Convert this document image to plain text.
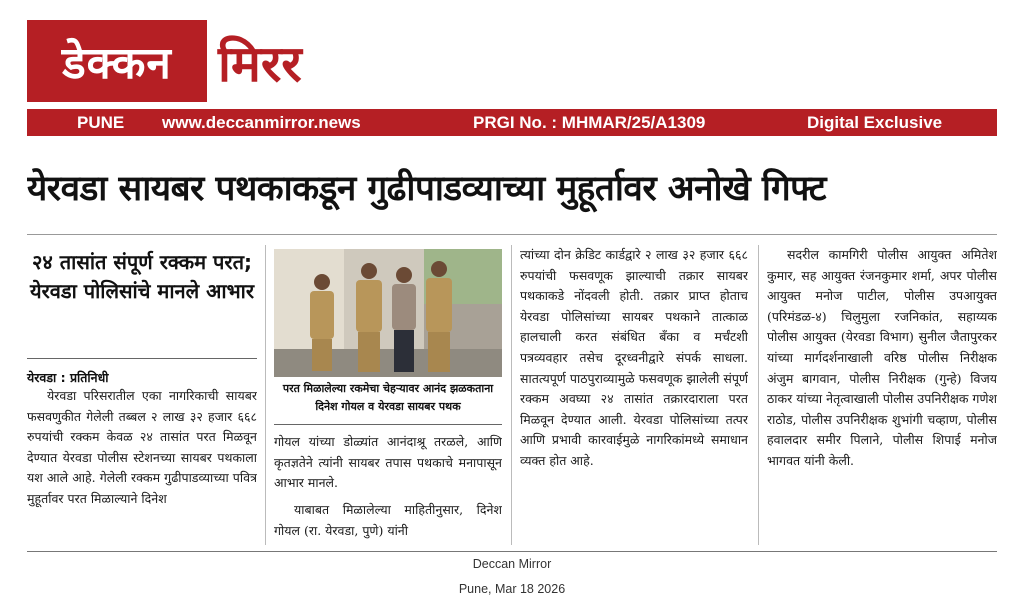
डेक्कन मिरर
PUNE www.deccanmirror.news	PRGI No. : MHMAR/25/A1309	Digital Exclusive
येरवडा सायबर पथकाकडून गुढीपाडव्याच्या मुहूर्तावर अनोखे गिफ्ट
२४ तासांत संपूर्ण रक्कम परत; येरवडा पोलिसांचे मानले आभार
येरवडा : प्रतिनिधी
येरवडा परिसरातील एका नागरिकाची सायबर फसवणुकीत गेलेली तब्बल २ लाख ३२ हजार ६६८ रुपयांची रक्कम केवळ २४ तासांत परत मिळवून देण्यात येरवडा पोलीस स्टेशनच्या सायबर पथकाला यश आले आहे. गेलेली रक्कम गुढीपाडव्याच्या पवित्र मुहूर्तावर परत मिळाल्याने दिनेश
परत मिळालेल्या रकमेचा चेहऱ्यावर आनंद झळकताना दिनेश गोयल व येरवडा सायबर पथक
गोयल यांच्या डोळ्यांत आनंदाश्रू तरळले, आणि कृतज्ञतेने त्यांनी सायबर तपास पथकाचे मनापासून आभार मानले.
याबाबत मिळालेल्या माहितीनुसार, दिनेश गोयल (रा. येरवडा, पुणे) यांनी
त्यांच्या दोन क्रेडिट कार्डद्वारे २ लाख ३२ हजार ६६८ रुपयांची फसवणूक झाल्याची तक्रार सायबर पथकाकडे नोंदवली होती. तक्रार प्राप्त होताच येरवडा पोलिसांच्या सायबर पथकाने तात्काळ हालचाली करत संबंधित बँका व मर्चंटशी पत्रव्यवहार तसेच दूरध्वनीद्वारे संपर्क साधला. सातत्यपूर्ण पाठपुराव्यामुळे फसवणूक झालेली संपूर्ण रक्कम अवघ्या २४ तासांत तक्रारदाराला परत मिळवून देण्यात आली. येरवडा पोलिसांच्या तत्पर आणि प्रभावी कारवाईमुळे नागरिकांमध्ये समाधान व्यक्त होत आहे.
सदरील कामगिरी पोलीस आयुक्त अमितेश कुमार, सह आयुक्त रंजनकुमार शर्मा, अपर पोलीस आयुक्त मनोज पाटील, पोलीस उपआयुक्त (परिमंडळ-४) चिलुमुला रजनिकांत, सहाय्यक पोलीस आयुक्त (येरवडा विभाग) सुनील जैतापुरकर यांच्या मार्गदर्शनाखाली वरिष्ठ पोलीस निरीक्षक अंजुम बागवान, पोलीस निरीक्षक (गुन्हे) विजय ठाकर यांच्या नेतृत्वाखाली पोलीस उपनिरीक्षक गणेश राठोड, पोलीस उपनिरीक्षक शुभांगी चव्हाण, पोलीस हवालदार समीर पिलाने, पोलीस शिपाई मनोज भागवत यांनी केली.
Deccan Mirror
Pune, Mar 18 2026
